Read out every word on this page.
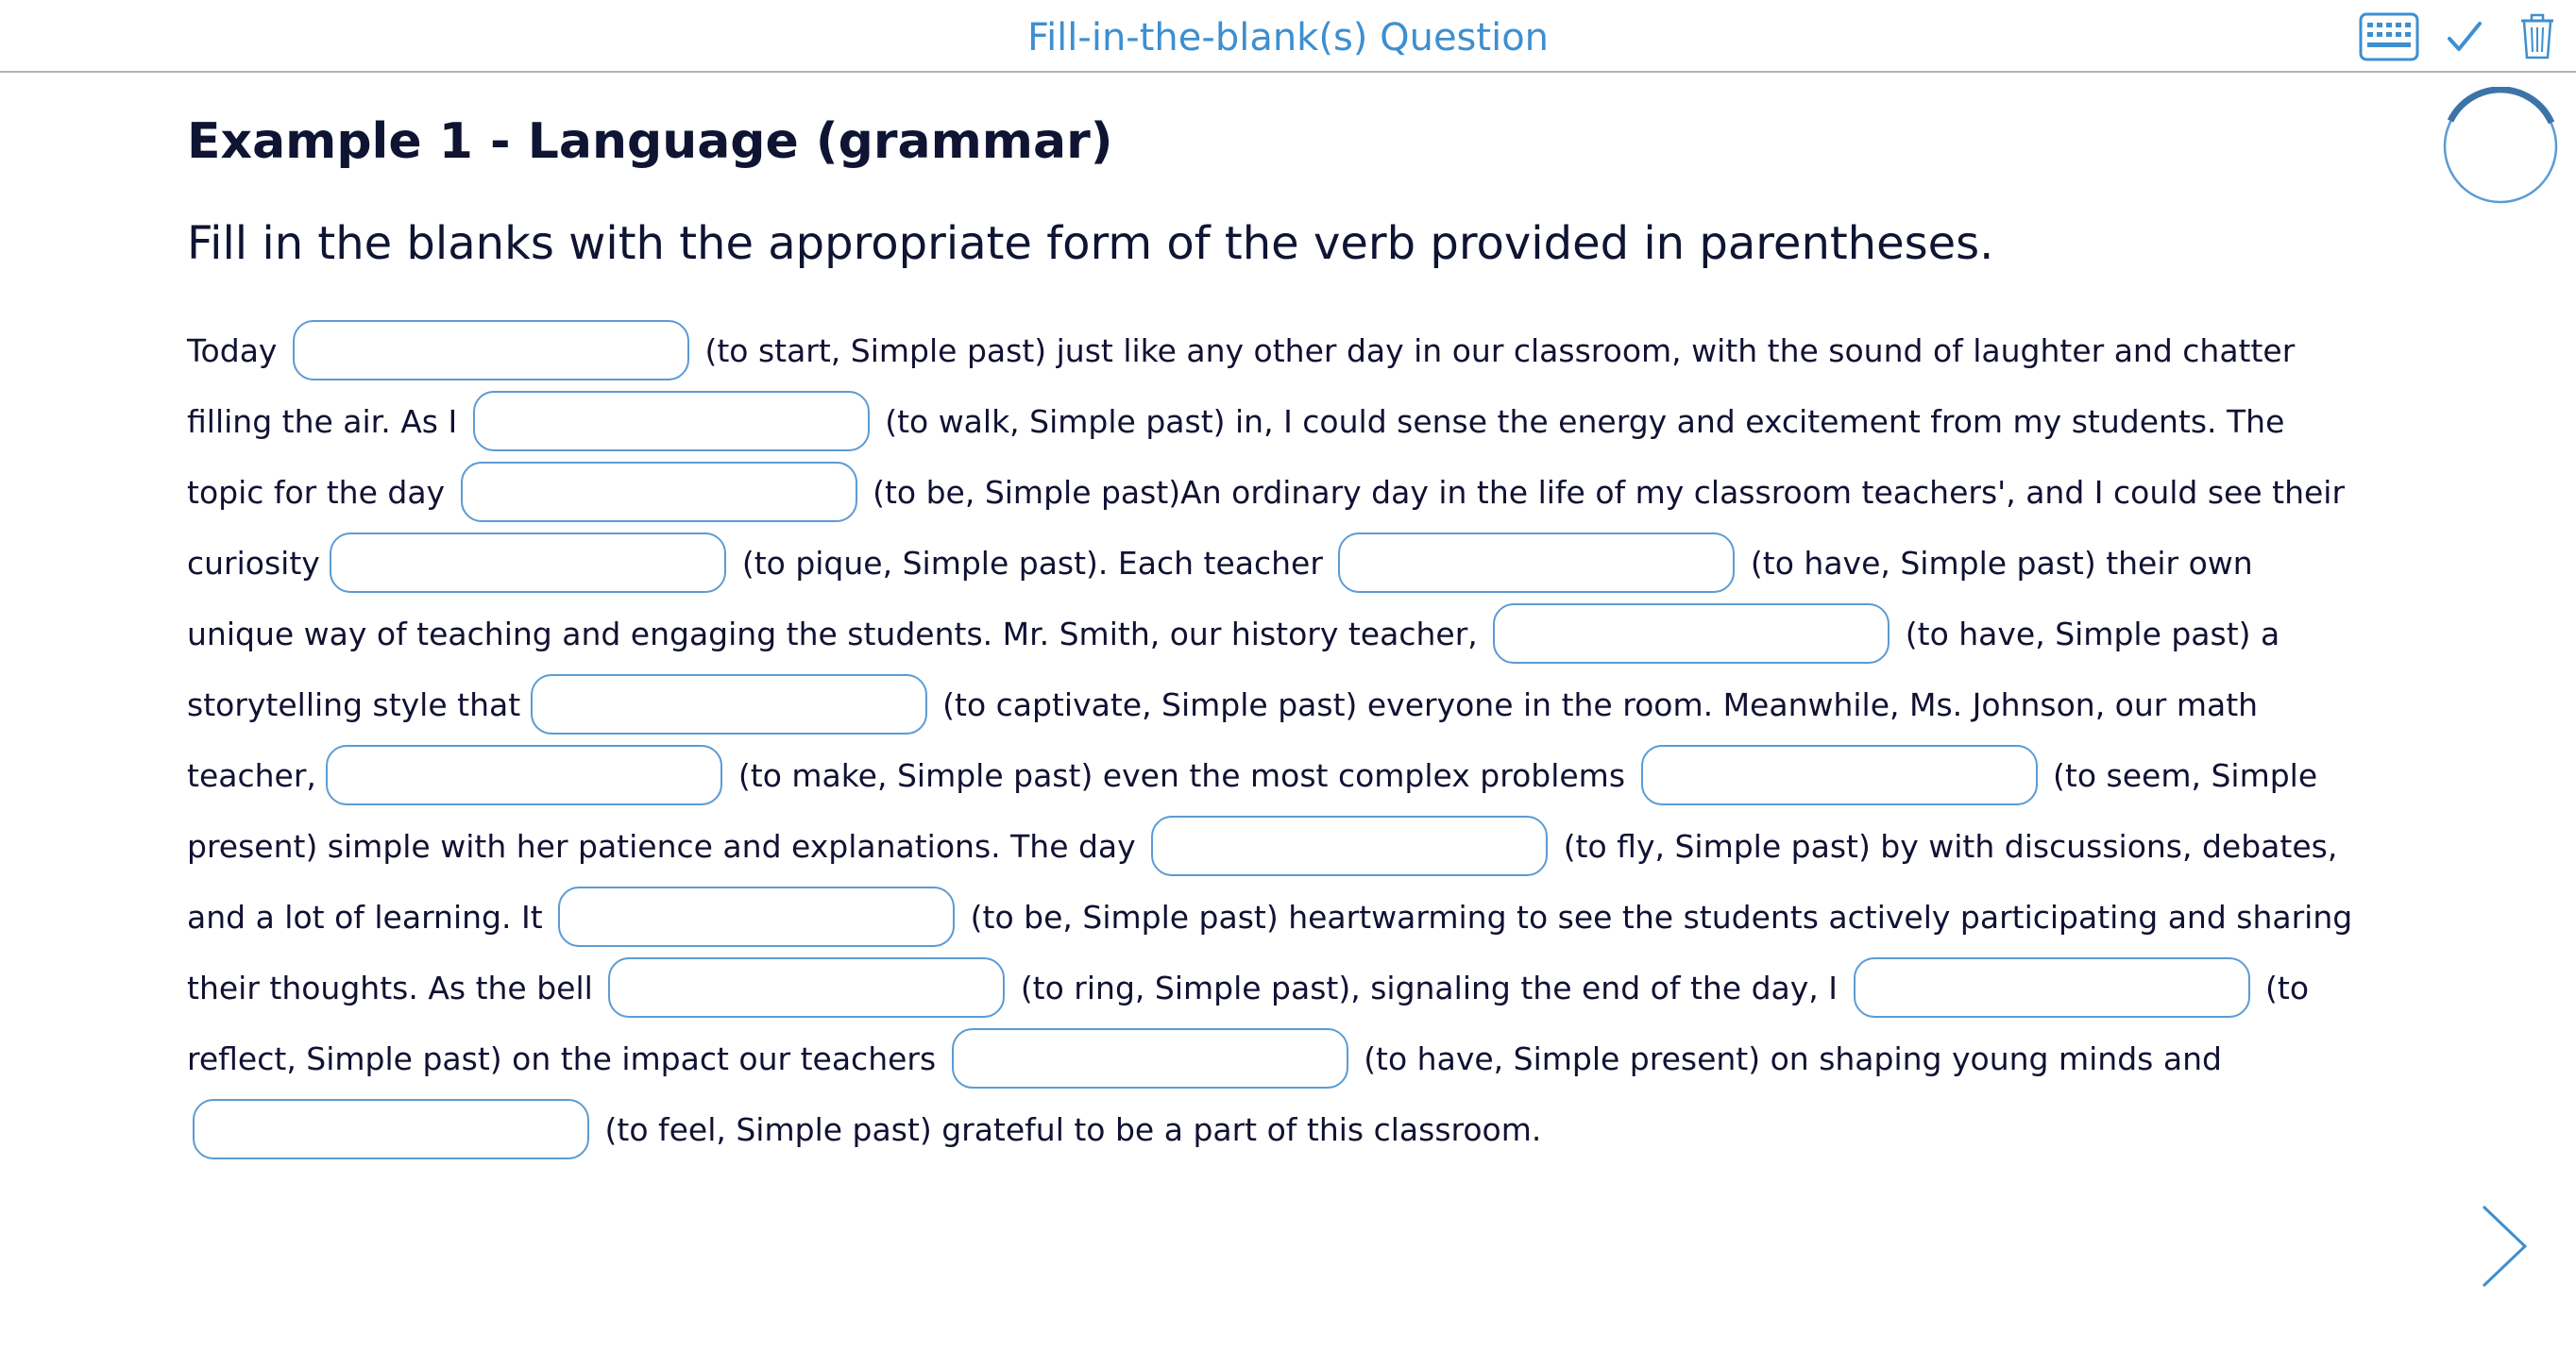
Fill-in-the-blank(s) Question
Example 1 - Language (grammar)

Fill in the blanks with the appropriate form of the verb provided in parentheses.

Today	(to start, Simple past) just like any other day in our classroom, with the sound of laughter and chatter filling the air. As I	(to walk, Simple past) in, I could sense the energy and excitement from my students. The topic for the day	(to be, Simple past)An ordinary day in the life of my classroom teachers', and I could see their curiosity	(to pique, Simple past). Each teacher	(to have, Simple past) their own unique way of teaching and engaging the students. Mr. Smith, our history teacher,	(to have, Simple past) a storytelling style that	(to captivate, Simple past) everyone in the room. Meanwhile, Ms. Johnson, our math teacher,	(to make, Simple past) even the most complex problems	(to seem, Simple present) simple with her patience and explanations. The day	(to fly, Simple past) by with discussions, debates, and a lot of learning. It	(to be, Simple past) heartwarming to see the students actively participating and sharing their thoughts. As the bell	(to ring, Simple past), signaling the end of the day, I	(to reflect, Simple past) on the impact our teachers	(to have, Simple present) on shaping young minds and  (to feel, Simple past) grateful to be a part of this classroom.
